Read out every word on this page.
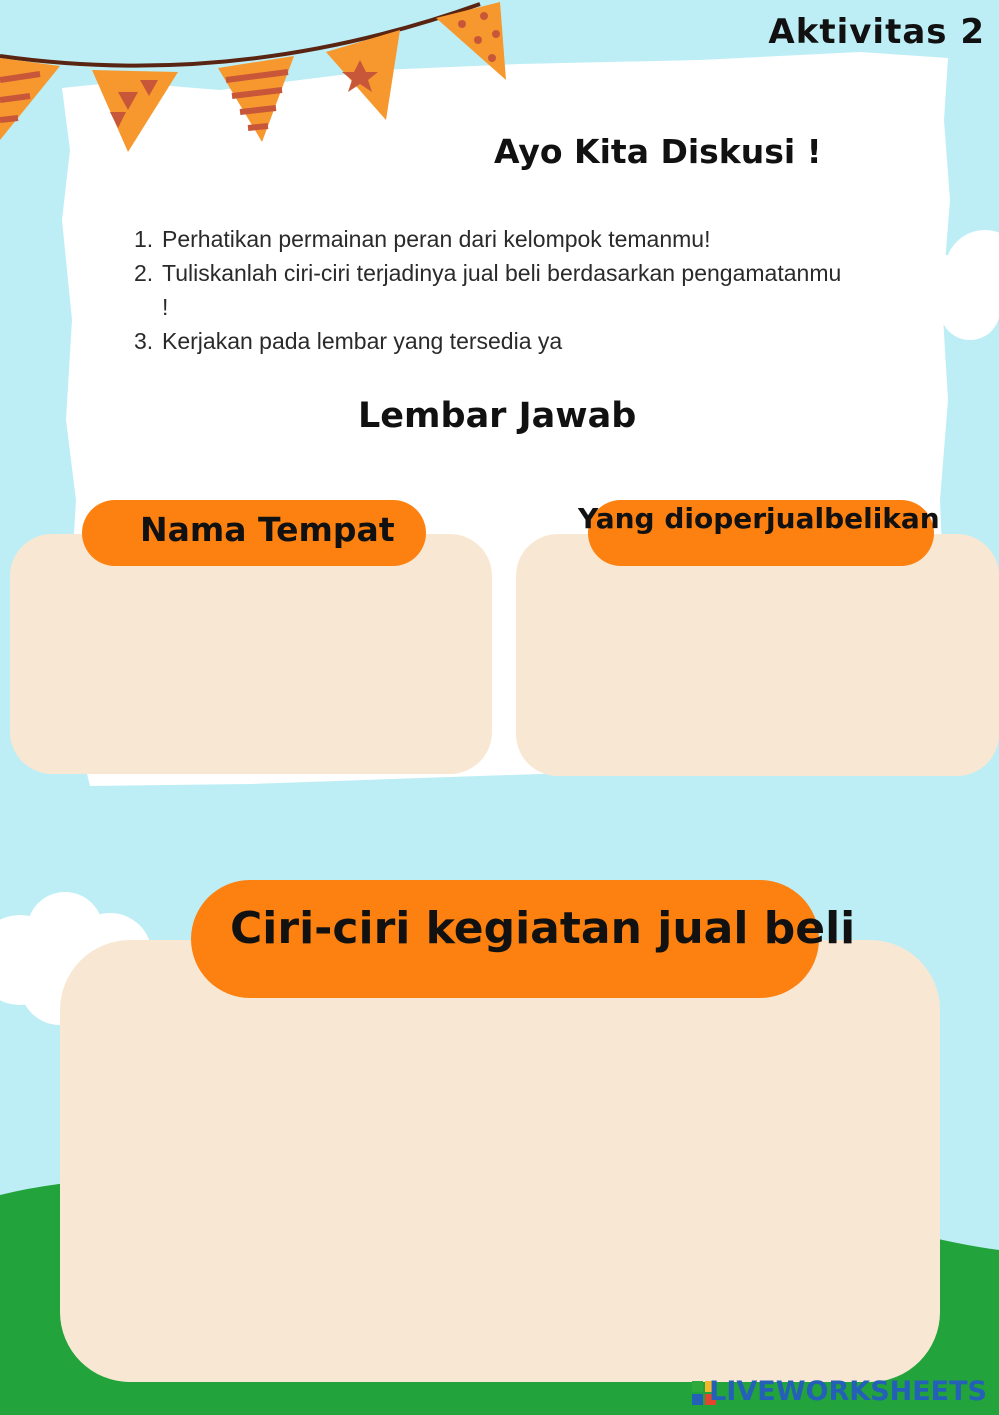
Aktivitas 2
Ayo Kita Diskusi !
1. Perhatikan permainan peran dari kelompok temanmu!
2. Tuliskanlah ciri-ciri terjadinya jual beli berdasarkan pengamatanmu !
3. Kerjakan pada lembar yang tersedia ya
Lembar Jawab
Nama Tempat	Yang dioperjualbelikan
Ciri-ciri kegiatan jual beli
LIVEWORKSHEETS
